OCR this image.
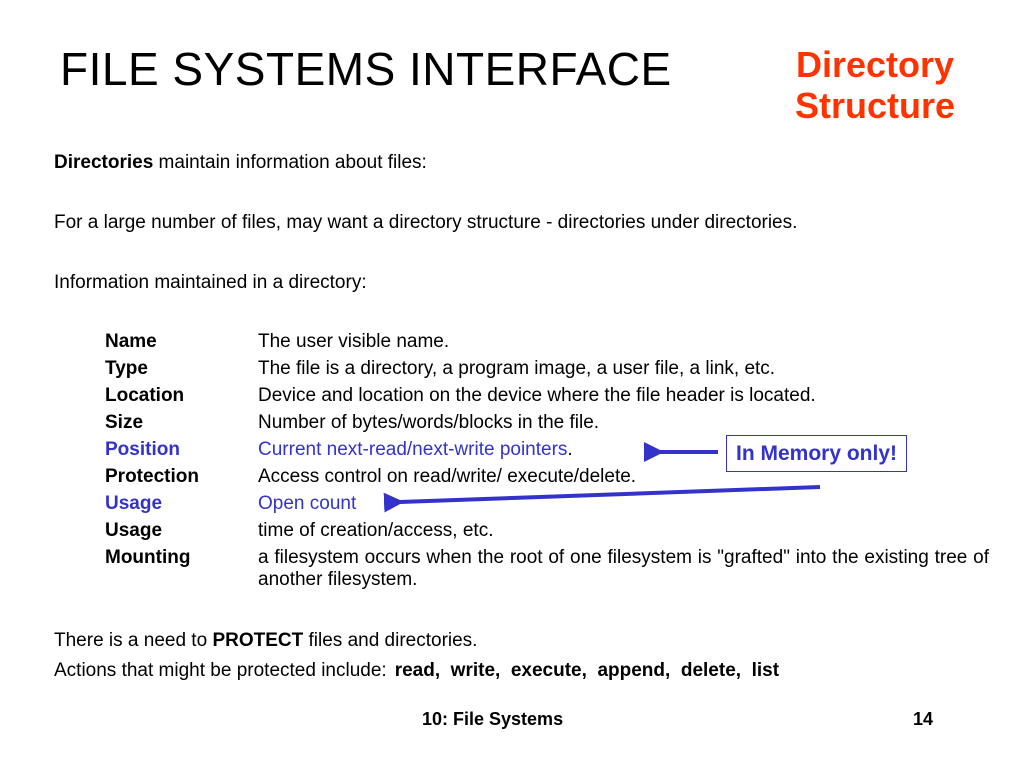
FILE SYSTEMS INTERFACE	Directory
Structure
Directories maintain information about files:
For a large number of files, may want a directory structure - directories under directories.
Information maintained in a directory:
Name	The user visible name.
Type	The file is a directory, a program image, a user file, a link, etc.
Location	Device and location on the device where the file header is located.
Size	Number of bytes/words/blocks in the file.
Position	Current next-read/next-write pointers.
Protection	Access control on read/write/ execute/delete.
Usage	Open count
Usage	time of creation/access, etc.
Mounting	a filesystem occurs when the root of one filesystem is "grafted" into the existing tree of another filesystem.
In Memory only!
There is a need to PROTECT files and directories.
Actions that might be protected include: read,  write,  execute,  append,  delete,  list
10: File Systems	14
